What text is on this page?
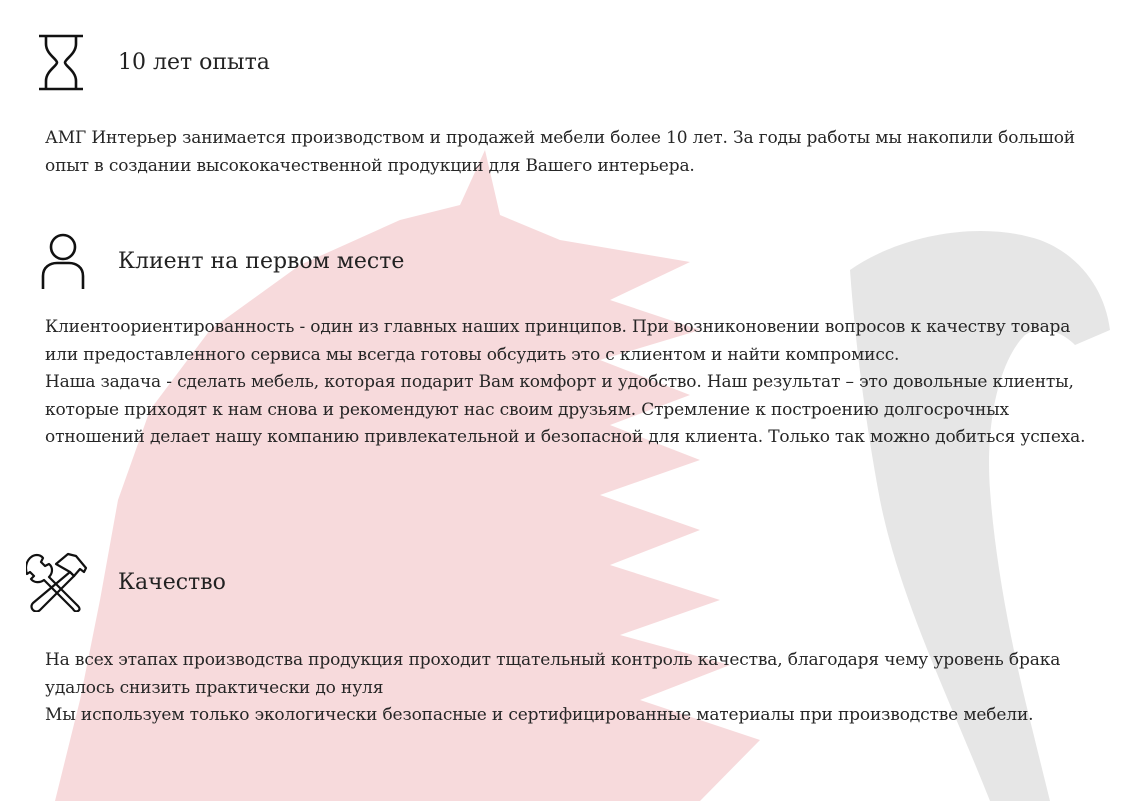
10 лет опыта

АМГ Интерьер занимается производством и продажей мебели более 10 лет. За годы работы мы накопили большой опыт в создании высококачественной продукции для Вашего интерьера.

Клиент на первом месте

Клиентоориентированность - один из главных наших принципов. При возниконовении вопросов к качеству товара или предоставленного сервиса мы всегда готовы обсудить это с клиентом и найти компромисс.

Наша задача - сделать мебель, которая подарит Вам комфорт и удобство. Наш результат – это довольные клиенты, которые приходят к нам снова и рекомендуют нас своим друзьям. Стремление к построению долгосрочных отношений делает нашу компанию привлекательной и безопасной для клиента. Только так можно добиться успеха.

Качество

На всех этапах производства продукция проходит тщательный контроль качества, благодаря чему уровень брака удалось снизить практически до нуля

Мы используем только экологически безопасные и сертифицированные материалы при производстве мебели.
